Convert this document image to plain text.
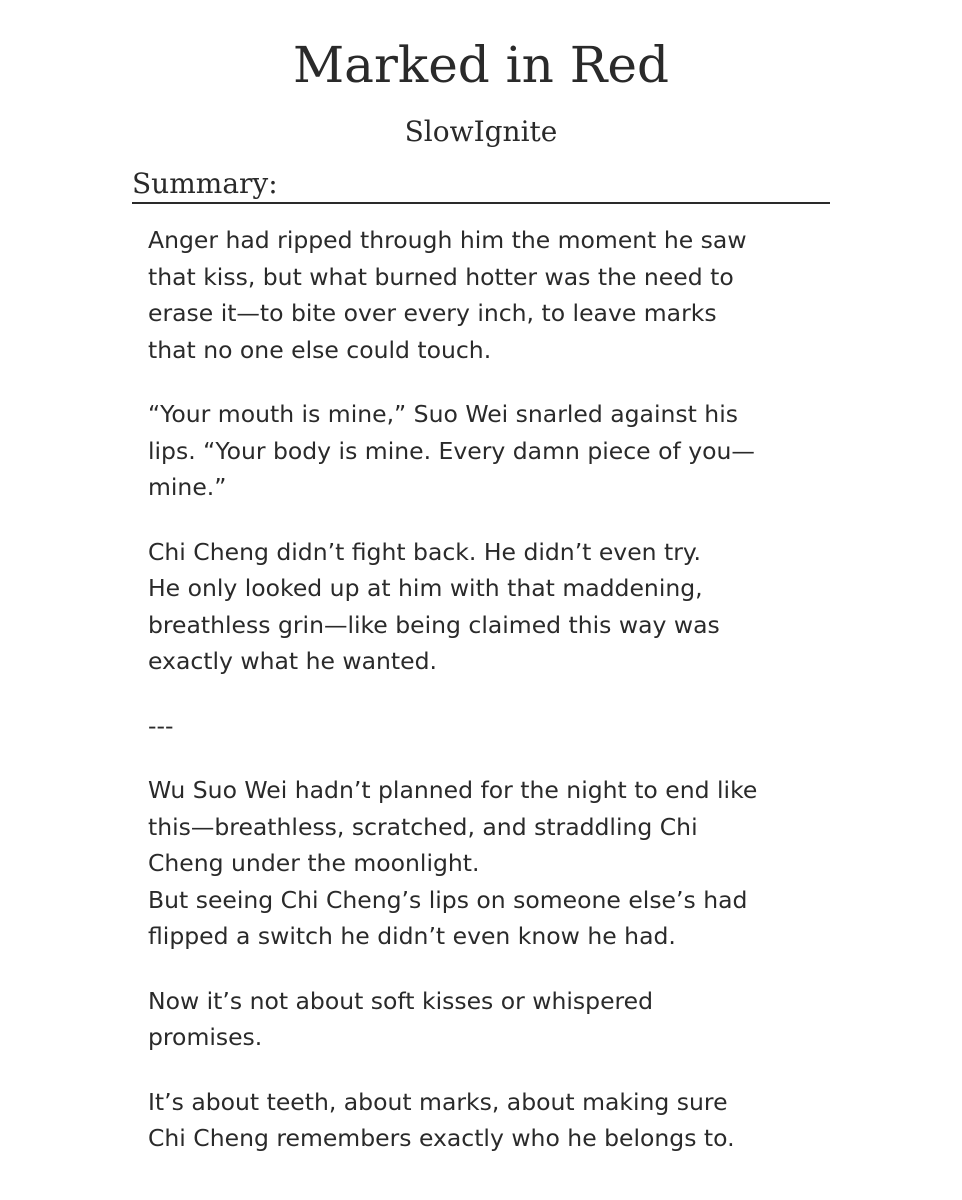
Marked in Red
SlowIgnite
Summary:

Anger had ripped through him the moment he saw
that kiss, but what burned hotter was the need to
erase it—to bite over every inch, to leave marks
that no one else could touch.

“Your mouth is mine,” Suo Wei snarled against his
lips. “Your body is mine. Every damn piece of you—
mine.”

Chi Cheng didn’t fight back. He didn’t even try.
He only looked up at him with that maddening,
breathless grin—like being claimed this way was
exactly what he wanted.

---

Wu Suo Wei hadn’t planned for the night to end like
this—breathless, scratched, and straddling Chi
Cheng under the moonlight.
But seeing Chi Cheng’s lips on someone else’s had
flipped a switch he didn’t even know he had.

Now it’s not about soft kisses or whispered
promises.

It’s about teeth, about marks, about making sure
Chi Cheng remembers exactly who he belongs to.
